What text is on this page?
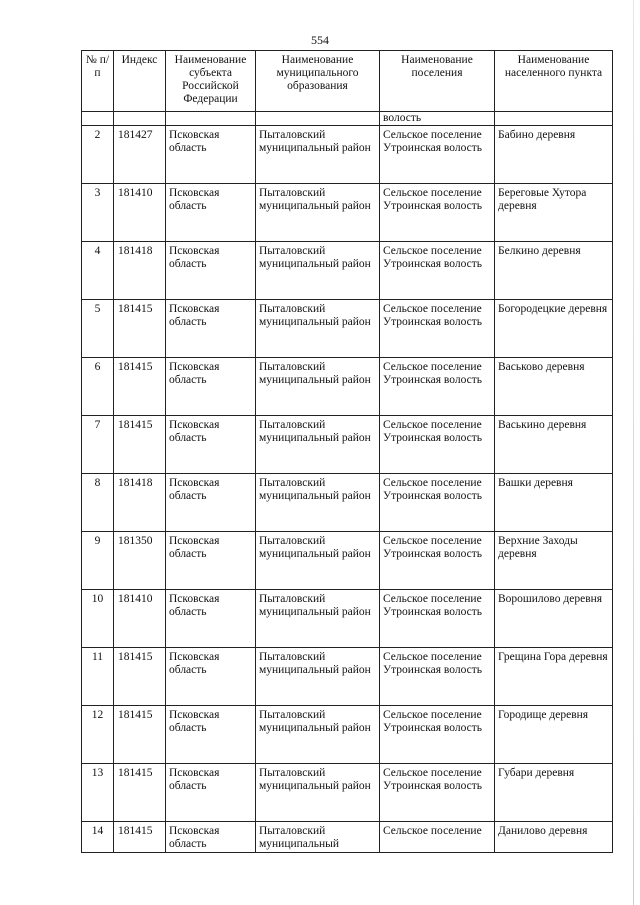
554
№ п/п	Индекс	Наименование субъекта Российской Федерации	Наименование муниципального образования	Наименование поселения	Наименование населенного пункта
				волость	
2	181427	Псковская область	Пыталовский муниципальный район	Сельское поселение Утроинская волость	Бабино деревня
3	181410	Псковская область	Пыталовский муниципальный район	Сельское поселение Утроинская волость	Береговые Хутора деревня
4	181418	Псковская область	Пыталовский муниципальный район	Сельское поселение Утроинская волость	Белкино деревня
5	181415	Псковская область	Пыталовский муниципальный район	Сельское поселение Утроинская волость	Богородецкие деревня
6	181415	Псковская область	Пыталовский муниципальный район	Сельское поселение Утроинская волость	Васьково деревня
7	181415	Псковская область	Пыталовский муниципальный район	Сельское поселение Утроинская волость	Васькино деревня
8	181418	Псковская область	Пыталовский муниципальный район	Сельское поселение Утроинская волость	Вашки деревня
9	181350	Псковская область	Пыталовский муниципальный район	Сельское поселение Утроинская волость	Верхние Заходы деревня
10	181410	Псковская область	Пыталовский муниципальный район	Сельское поселение Утроинская волость	Ворошилово деревня
11	181415	Псковская область	Пыталовский муниципальный район	Сельское поселение Утроинская волость	Грещина Гора деревня
12	181415	Псковская область	Пыталовский муниципальный район	Сельское поселение Утроинская волость	Городище деревня
13	181415	Псковская область	Пыталовский муниципальный район	Сельское поселение Утроинская волость	Губари деревня
14	181415	Псковская область	Пыталовский муниципальный	Сельское поселение	Данилово деревня
